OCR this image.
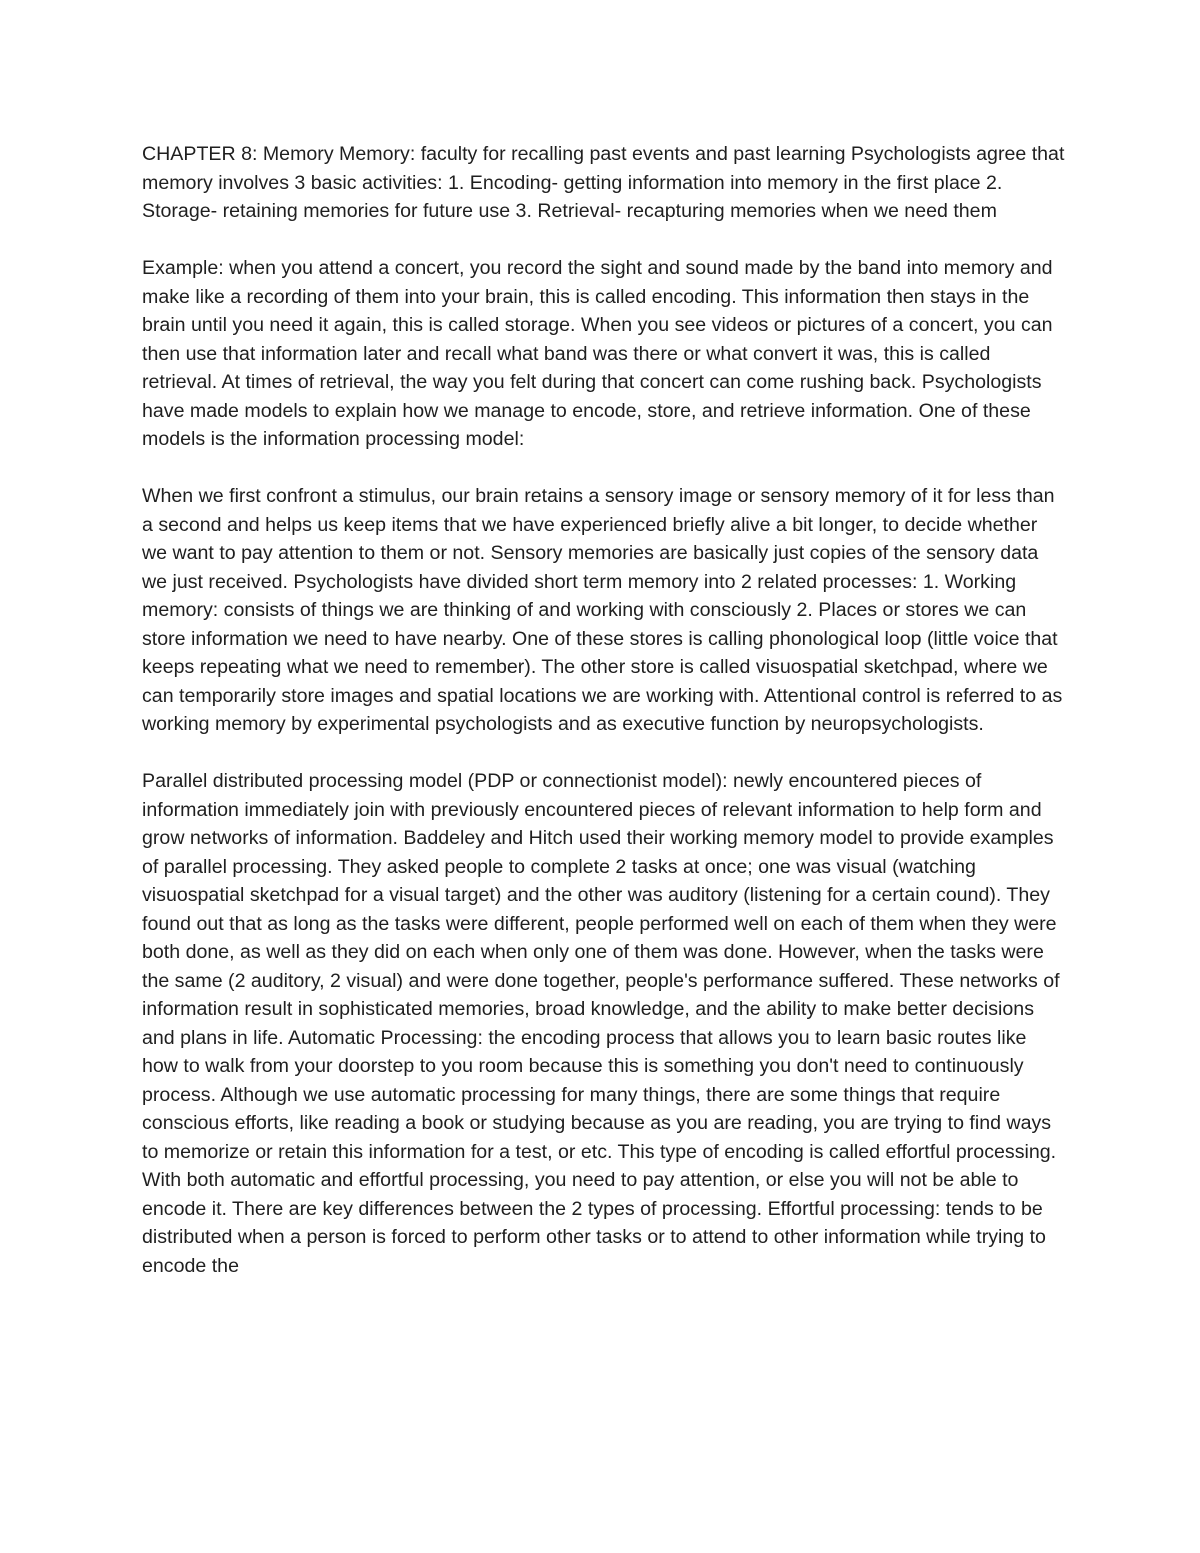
CHAPTER 8: Memory Memory: faculty for recalling past events and past learning Psychologists agree that memory involves 3 basic activities: 1. Encoding- getting information into memory in the first place 2. Storage- retaining memories for future use 3. Retrieval- recapturing memories when we need them

Example: when you attend a concert, you record the sight and sound made by the band into memory and make like a recording of them into your brain, this is called encoding. This information then stays in the brain until you need it again, this is called storage. When you see videos or pictures of a concert, you can then use that information later and recall what band was there or what convert it was, this is called retrieval. At times of retrieval, the way you felt during that concert can come rushing back. Psychologists have made models to explain how we manage to encode, store, and retrieve information. One of these models is the information processing model:

When we first confront a stimulus, our brain retains a sensory image or sensory memory of it for less than a second and helps us keep items that we have experienced briefly alive a bit longer, to decide whether we want to pay attention to them or not. Sensory memories are basically just copies of the sensory data we just received. Psychologists have divided short term memory into 2 related processes: 1. Working memory: consists of things we are thinking of and working with consciously 2. Places or stores we can store information we need to have nearby. One of these stores is calling phonological loop (little voice that keeps repeating what we need to remember). The other store is called visuospatial sketchpad, where we can temporarily store images and spatial locations we are working with. Attentional control is referred to as working memory by experimental psychologists and as executive function by neuropsychologists.

Parallel distributed processing model (PDP or connectionist model): newly encountered pieces of information immediately join with previously encountered pieces of relevant information to help form and grow networks of information. Baddeley and Hitch used their working memory model to provide examples of parallel processing. They asked people to complete 2 tasks at once; one was visual (watching visuospatial sketchpad for a visual target) and the other was auditory (listening for a certain cound). They found out that as long as the tasks were different, people performed well on each of them when they were both done, as well as they did on each when only one of them was done. However, when the tasks were the same (2 auditory, 2 visual) and were done together, people's performance suffered. These networks of information result in sophisticated memories, broad knowledge, and the ability to make better decisions and plans in life. Automatic Processing: the encoding process that allows you to learn basic routes like how to walk from your doorstep to you room because this is something you don't need to continuously process. Although we use automatic processing for many things, there are some things that require conscious efforts, like reading a book or studying because as you are reading, you are trying to find ways to memorize or retain this information for a test, or etc. This type of encoding is called effortful processing. With both automatic and effortful processing, you need to pay attention, or else you will not be able to encode it. There are key differences between the 2 types of processing. Effortful processing: tends to be distributed when a person is forced to perform other tasks or to attend to other information while trying to encode the
